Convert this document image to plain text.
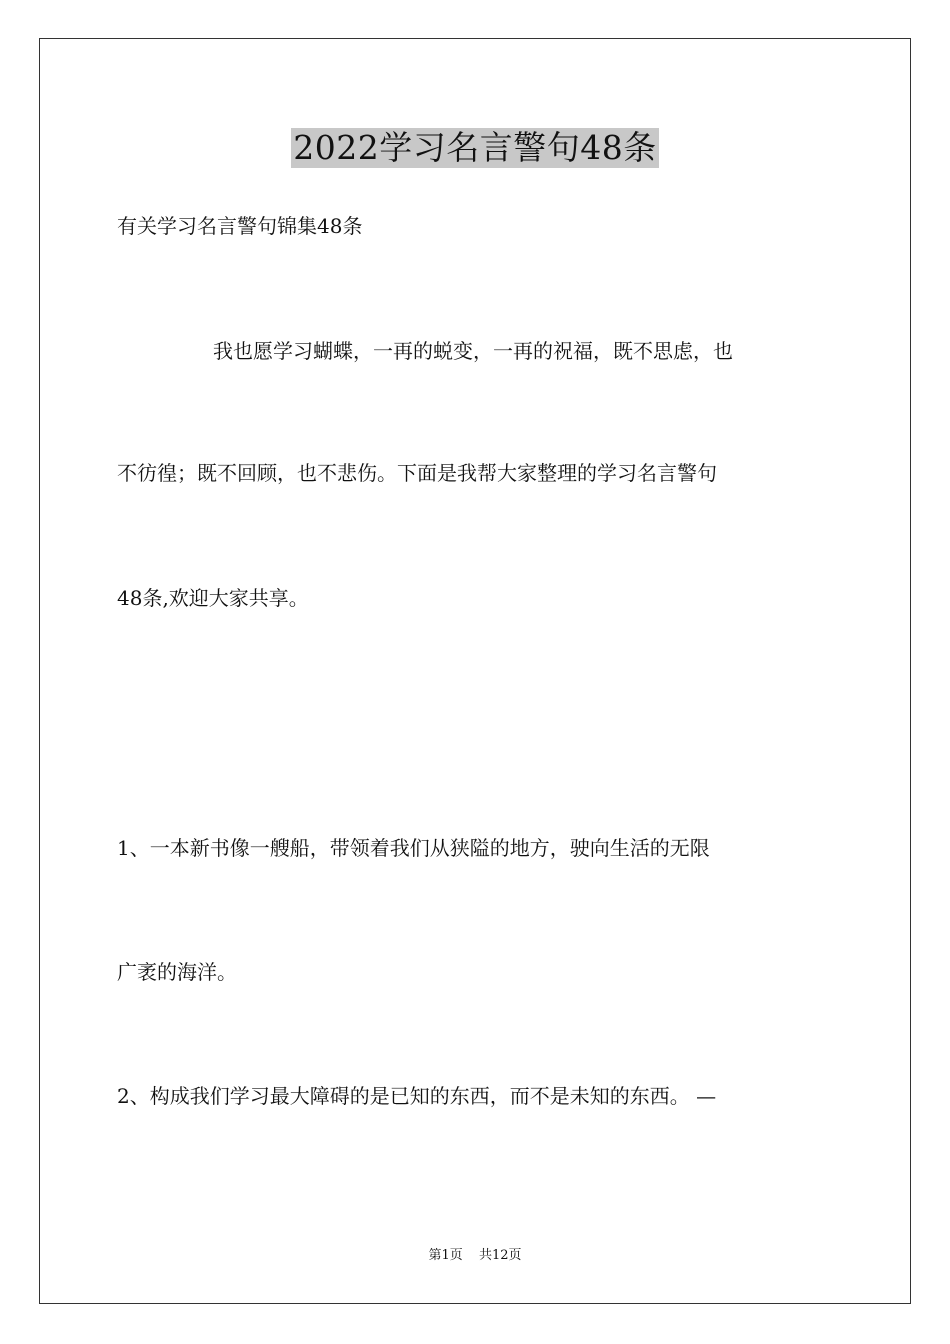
2022学习名言警句48条
有关学习名言警句锦集48条
我也愿学习蝴蝶，一再的蜕变，一再的祝福，既不思虑，也
不彷徨；既不回顾，也不悲伤。下面是我帮大家整理的学习名言警句
48条,欢迎大家共享。
1、一本新书像一艘船，带领着我们从狭隘的地方，驶向生活的无限
广袤的海洋。
2、构成我们学习最大障碍的是已知的东西，而不是未知的东西。 —
第1页 共12页
